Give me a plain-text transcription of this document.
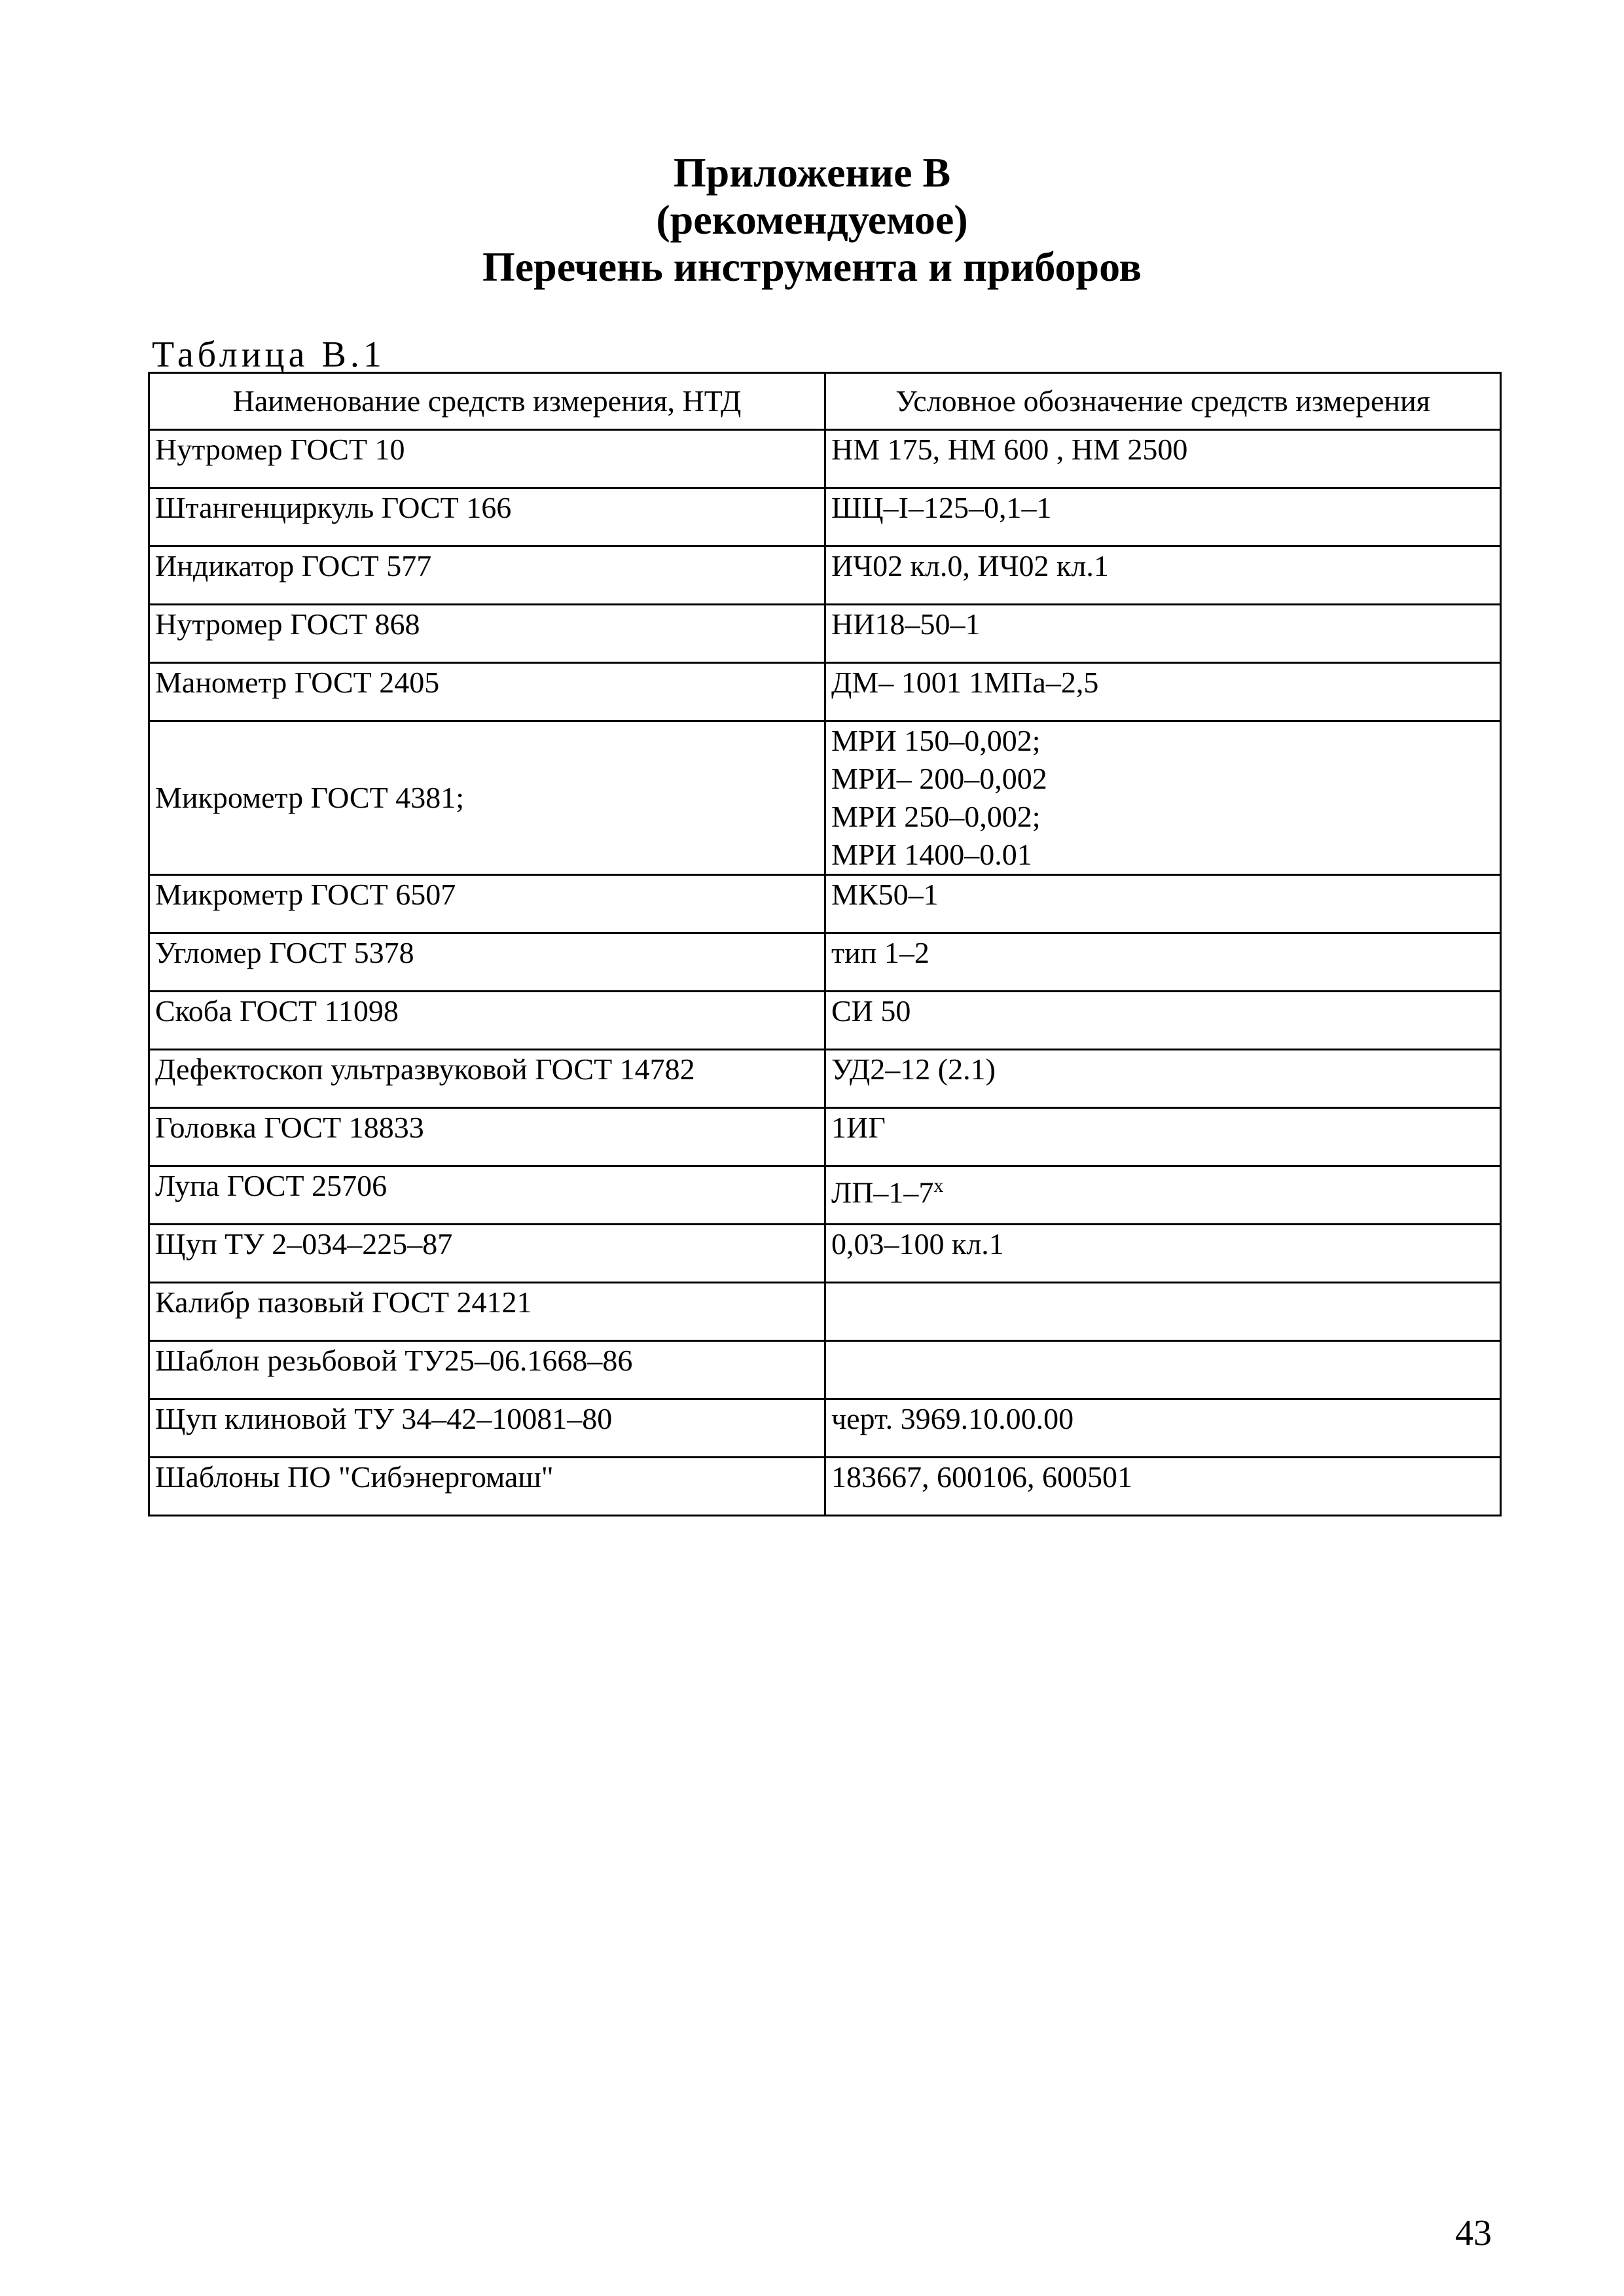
Приложение В
(рекомендуемое)
Перечень инструмента и приборов
Таблица В.1
Наименование средств измерения, НТД	Условное обозначение средств измерения
Нутромер ГОСТ 10	НМ 175, НМ 600 , НМ 2500

Штангенциркуль ГОСТ 166	ШЦ–I–125–0,1–1

Индикатор ГОСТ 577	ИЧ02 кл.0, ИЧ02 кл.1

Нутромер ГОСТ 868	НИ18–50–1

Манометр ГОСТ 2405	ДМ– 1001 1МПа–2,5

Микрометр ГОСТ 4381;	МРИ 150–0,002;
МРИ– 200–0,002
МРИ 250–0,002;
МРИ 1400–0.01

Микрометр ГОСТ 6507	МК50–1

Угломер ГОСТ 5378	тип 1–2

Скоба ГОСТ 11098	СИ 50

Дефектоскоп ультразвуковой ГОСТ 14782	УД2–12 (2.1)

Головка ГОСТ 18833	1ИГ

Лупа ГОСТ 25706	ЛП–1–7$^x$

Щуп ТУ 2–034–225–87	0,03–100 кл.1

Калибр пазовый ГОСТ 24121	

Шаблон резьбовой ТУ25–06.1668–86	

Щуп клиновой ТУ 34–42–10081–80	черт. 3969.10.00.00

Шаблоны ПО "Сибэнергомаш"	183667, 600106, 600501
43
